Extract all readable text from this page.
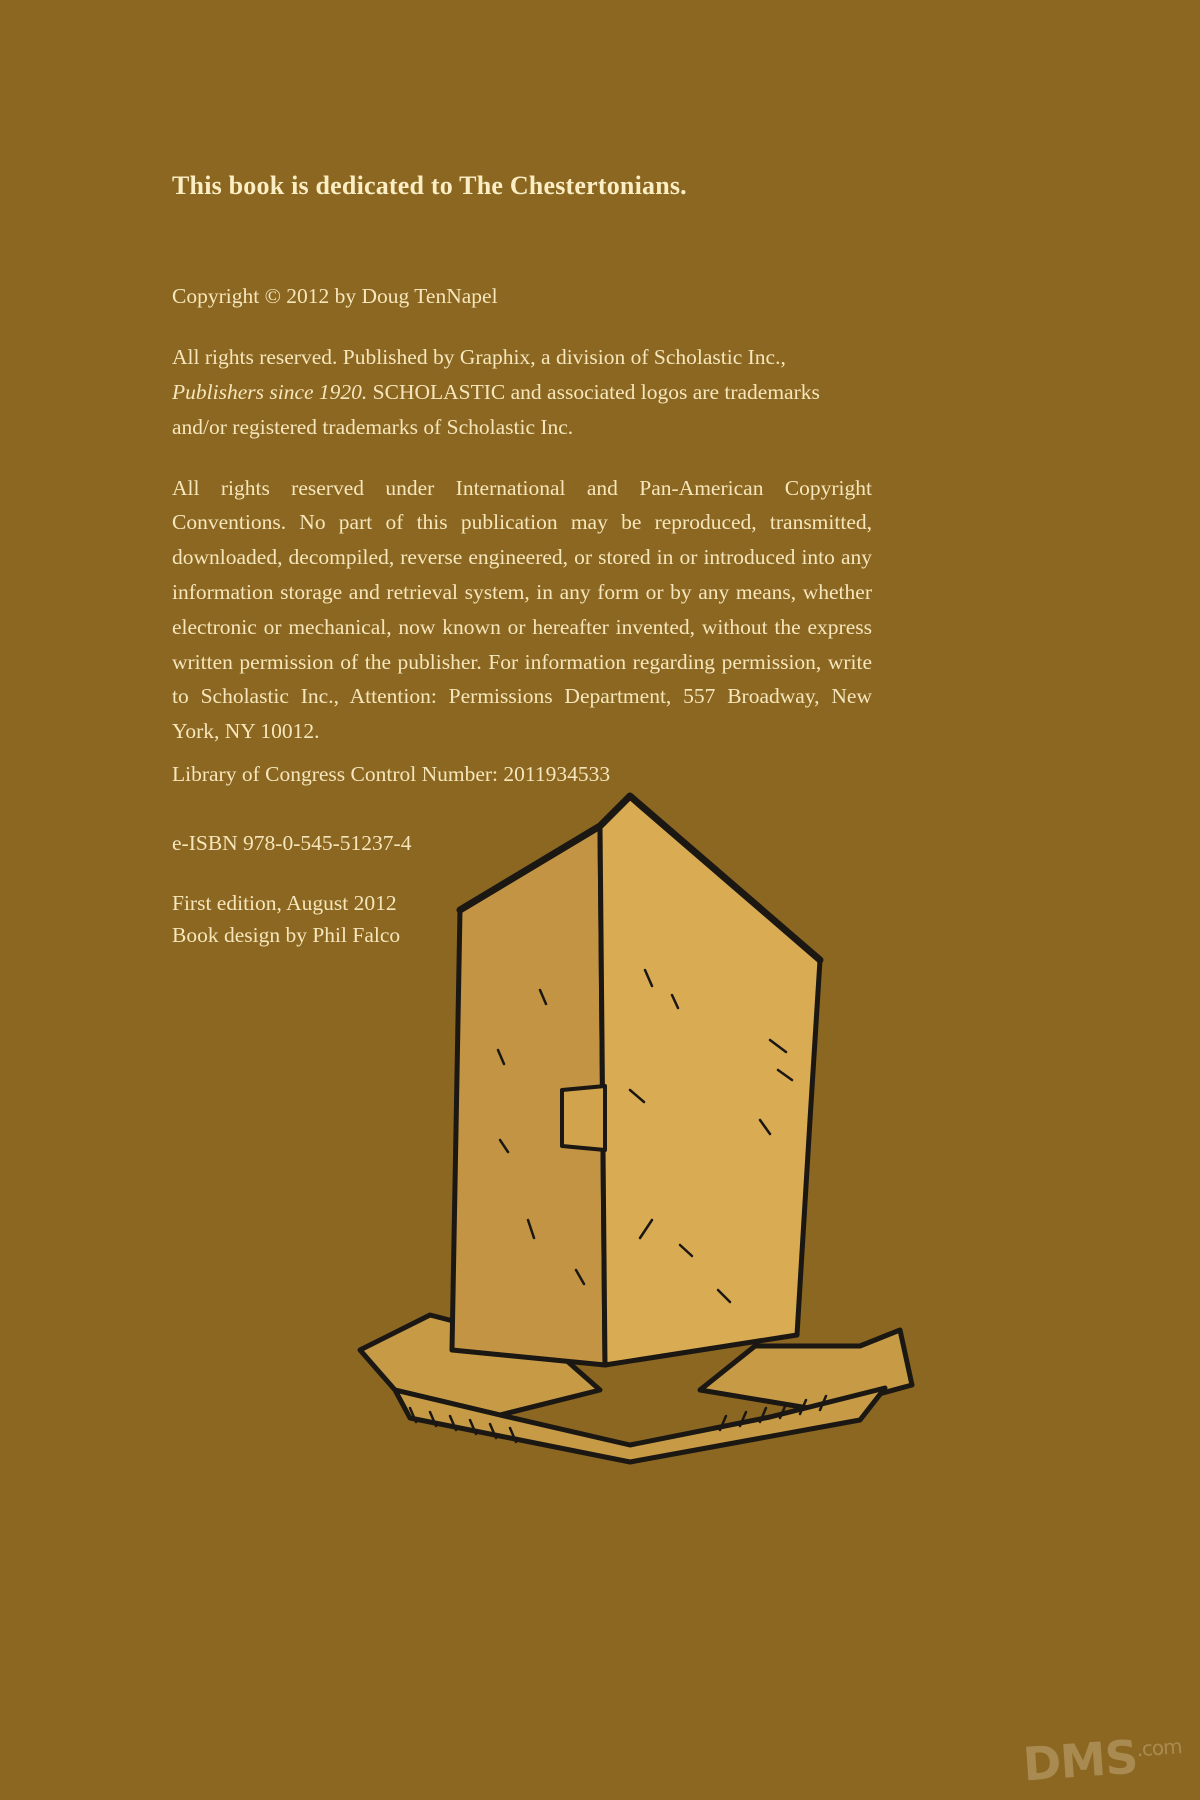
This book is dedicated to The Chestertonians.

Copyright © 2012 by Doug TenNapel

All rights reserved. Published by Graphix, a division of Scholastic Inc., Publishers since 1920. SCHOLASTIC and associated logos are trademarks and/or registered trademarks of Scholastic Inc.

All rights reserved under International and Pan-American Copyright Conventions. No part of this publication may be reproduced, transmitted, downloaded, decompiled, reverse engineered, or stored in or introduced into any information storage and retrieval system, in any form or by any means, whether electronic or mechanical, now known or hereafter invented, without the express written permission of the publisher. For information regarding permission, write to Scholastic Inc., Attention: Permissions Department, 557 Broadway, New York, NY 10012.

Library of Congress Control Number: 2011934533

e-ISBN 978-0-545-51237-4

First edition, August 2012
Book design by Phil Falco
$DMS^{.com}$
